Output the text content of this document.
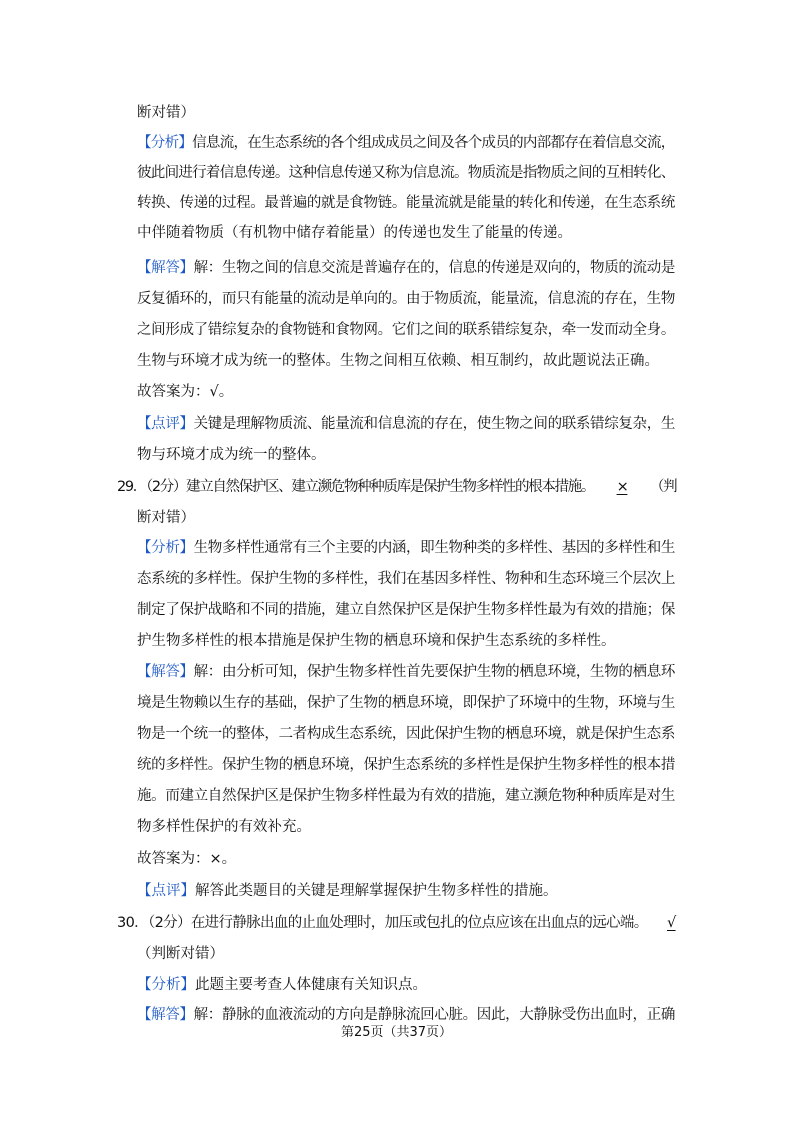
断对错）
【分析】信息流，在生态系统的各个组成成员之间及各个成员的内部都存在着信息交流，
彼此间进行着信息传递。这种信息传递又称为信息流。物质流是指物质之间的互相转化、
转换、传递的过程。最普遍的就是食物链。能量流就是能量的转化和传递，在生态系统
中伴随着物质（有机物中储存着能量）的传递也发生了能量的传递。
【解答】解：生物之间的信息交流是普遍存在的，信息的传递是双向的，物质的流动是
反复循环的，而只有能量的流动是单向的。由于物质流，能量流，信息流的存在，生物
之间形成了错综复杂的食物链和食物网。它们之间的联系错综复杂，牵一发而动全身。
生物与环境才成为统一的整体。生物之间相互依赖、相互制约，故此题说法正确。
故答案为：√。
【点评】关键是理解物质流、能量流和信息流的存在，使生物之间的联系错综复杂，生
物与环境才成为统一的整体。
29．（2分）建立自然保护区、建立濒危物种种质库是保护生物多样性的根本措施。 × （判
断对错）
【分析】生物多样性通常有三个主要的内涵，即生物种类的多样性、基因的多样性和生
态系统的多样性。保护生物的多样性，我们在基因多样性、物种和生态环境三个层次上
制定了保护战略和不同的措施，建立自然保护区是保护生物多样性最为有效的措施；保
护生物多样性的根本措施是保护生物的栖息环境和保护生态系统的多样性。
【解答】解：由分析可知，保护生物多样性首先要保护生物的栖息环境，生物的栖息环
境是生物赖以生存的基础，保护了生物的栖息环境，即保护了环境中的生物，环境与生
物是一个统一的整体，二者构成生态系统，因此保护生物的栖息环境，就是保护生态系
统的多样性。保护生物的栖息环境，保护生态系统的多样性是保护生物多样性的根本措
施。而建立自然保护区是保护生物多样性最为有效的措施，建立濒危物种种质库是对生
物多样性保护的有效补充。
故答案为：×。
【点评】解答此类题目的关键是理解掌握保护生物多样性的措施。
30．（2分）在进行静脉出血的止血处理时，加压或包扎的位点应该在出血点的远心端。 √
（判断对错）
【分析】此题主要考查人体健康有关知识点。
【解答】解：静脉的血液流动的方向是静脉流回心脏。因此，大静脉受伤出血时，正确
第25页（共37页）
